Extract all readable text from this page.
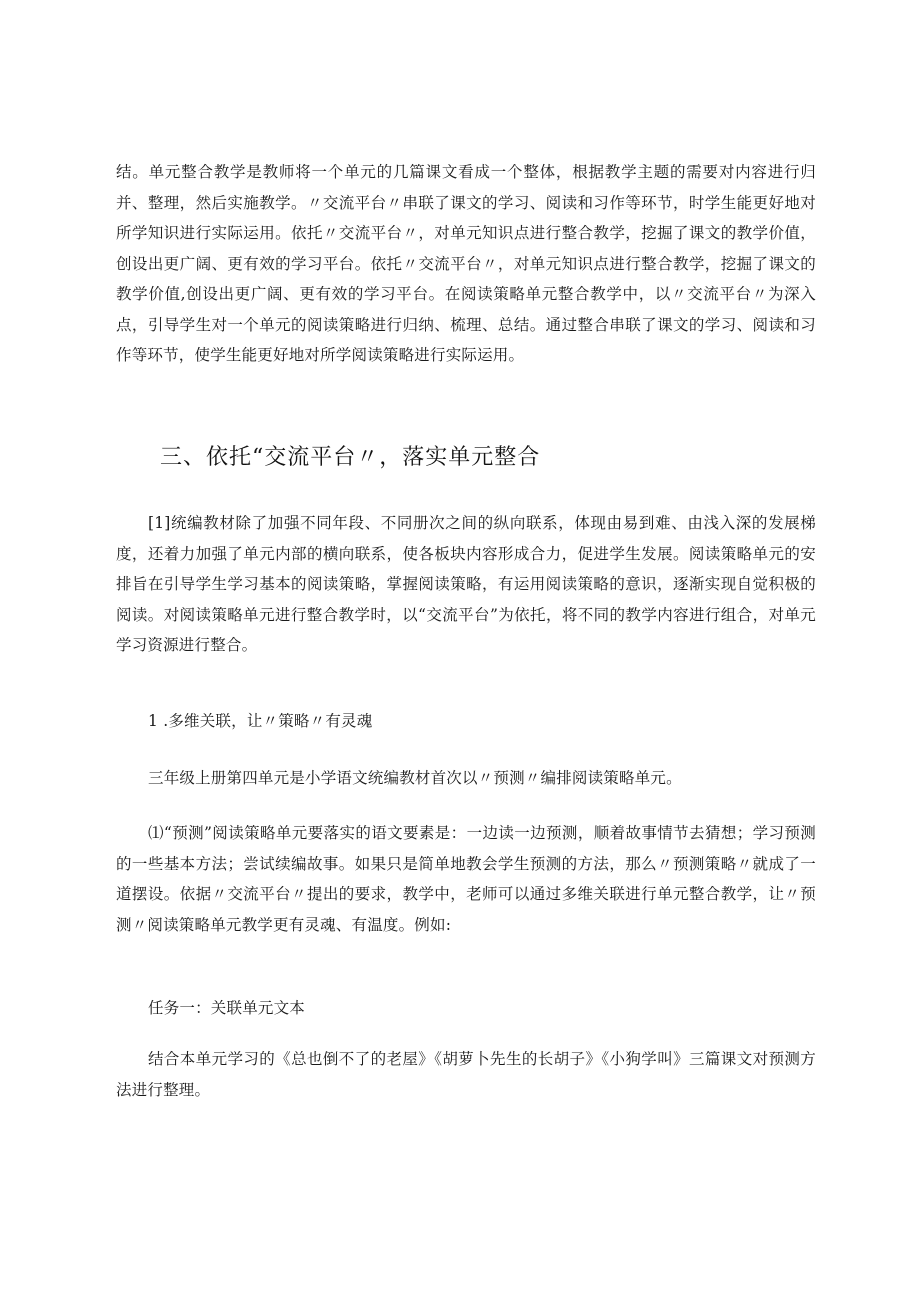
结。单元整合教学是教师将一个单元的几篇课文看成一个整体，根据教学主题的需要对内容进行归并、整理，然后实施教学。〃交流平台〃串联了课文的学习、阅读和习作等环节，时学生能更好地对所学知识进行实际运用。依托〃交流平台〃，对单元知识点进行整合教学，挖掘了课文的教学价值，创设出更广阔、更有效的学习平台。依托〃交流平台〃，对单元知识点进行整合教学，挖掘了课文的教学价值,创设出更广阔、更有效的学习平台。在阅读策略单元整合教学中，以〃交流平台〃为深入点，引导学生对一个单元的阅读策略进行归纳、梳理、总结。通过整合串联了课文的学习、阅读和习作等环节，使学生能更好地对所学阅读策略进行实际运用。

三、依托“交流平台〃，落实单元整合

[1]统编教材除了加强不同年段、不同册次之间的纵向联系，体现由易到难、由浅入深的发展梯度，还着力加强了单元内部的横向联系，使各板块内容形成合力，促进学生发展。阅读策略单元的安排旨在引导学生学习基本的阅读策略，掌握阅读策略，有运用阅读策略的意识，逐渐实现自觉积极的阅读。对阅读策略单元进行整合教学时，以“交流平台”为依托，将不同的教学内容进行组合，对单元学习资源进行整合。

1 .多维关联，让〃策略〃有灵魂
三年级上册第四单元是小学语文统编教材首次以〃预测〃编排阅读策略单元。

⑴“预测”阅读策略单元要落实的语文要素是：一边读一边预测，顺着故事情节去猜想；学习预测的一些基本方法；尝试续编故事。如果只是简单地教会学生预测的方法，那么〃预测策略〃就成了一道摆设。依据〃交流平台〃提出的要求，教学中，老师可以通过多维关联进行单元整合教学，让〃预测〃阅读策略单元教学更有灵魂、有温度。例如:

任务一：关联单元文本

结合本单元学习的《总也倒不了的老屋》《胡萝卜先生的长胡子》《小狗学叫》三篇课文对预测方法进行整理。
